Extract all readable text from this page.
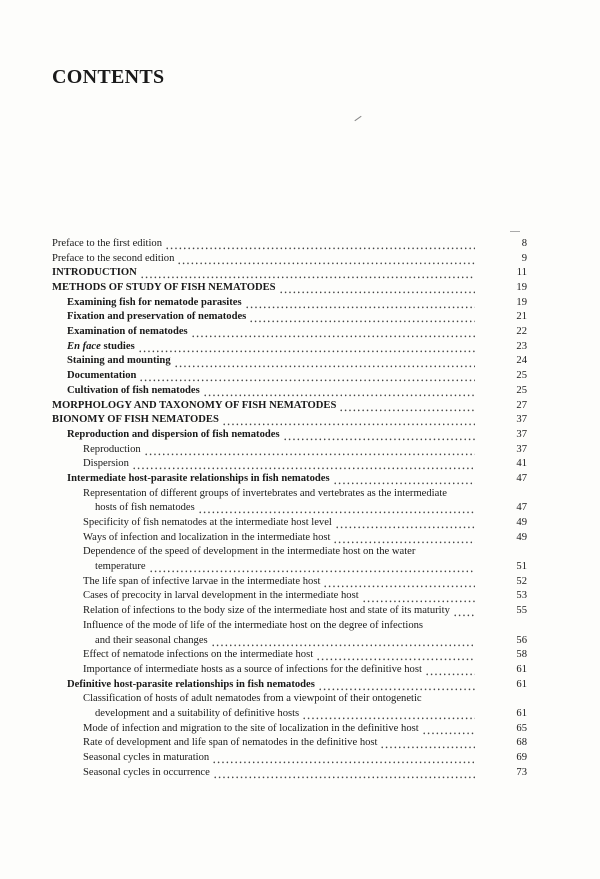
CONTENTS
Preface to the first edition	8
Preface to the second edition	9
INTRODUCTION	11
METHODS OF STUDY OF FISH NEMATODES	19
Examining fish for nematode parasites	19
Fixation and preservation of nematodes	21
Examination of nematodes	22
En face studies	23
Staining and mounting	24
Documentation	25
Cultivation of fish nematodes	25
MORPHOLOGY AND TAXONOMY OF FISH NEMATODES	27
BIONOMY OF FISH NEMATODES	37
Reproduction and dispersion of fish nematodes	37
Reproduction	37
Dispersion	41
Intermediate host-parasite relationships in fish nematodes	47
Representation of different groups of invertebrates and vertebrates as the intermediate
hosts of fish nematodes	47
Specificity of fish nematodes at the intermediate host level	49
Ways of infection and localization in the intermediate host	49
Dependence of the speed of development in the intermediate host on the water
temperature	51
The life span of infective larvae in the intermediate host	52
Cases of precocity in larval development in the intermediate host	53
Relation of infections to the body size of the intermediate host and state of its maturity	55
Influence of the mode of life of the intermediate host on the degree of infections
and their seasonal changes	56
Effect of nematode infections on the intermediate host	58
Importance of intermediate hosts as a source of infections for the definitive host	61
Definitive host-parasite relationships in fish nematodes	61
Classification of hosts of adult nematodes from a viewpoint of their ontogenetic
development and a suitability of definitive hosts	61
Mode of infection and migration to the site of localization in the definitive host	65
Rate of development and life span of nematodes in the definitive host	68
Seasonal cycles in maturation	69
Seasonal cycles in occurrence	73
